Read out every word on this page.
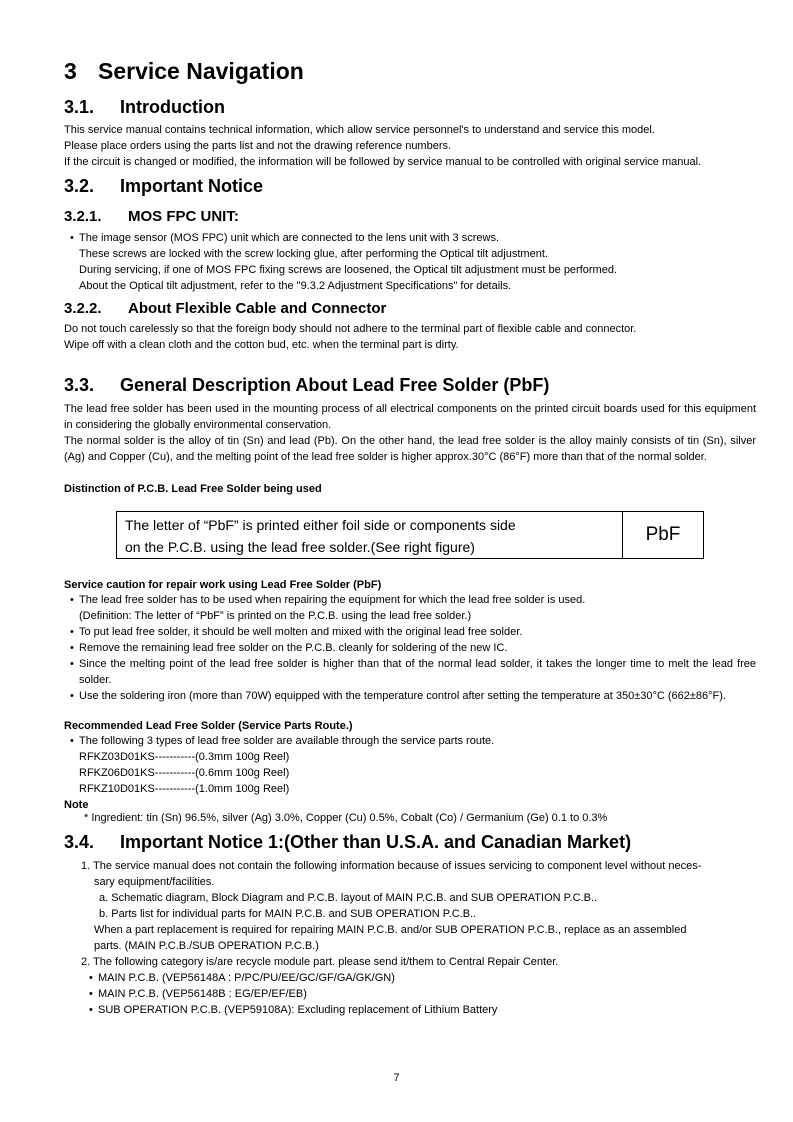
3 Service Navigation
3.1. Introduction
This service manual contains technical information, which allow service personnel's to understand and service this model.
Please place orders using the parts list and not the drawing reference numbers.
If the circuit is changed or modified, the information will be followed by service manual to be controlled with original service manual.
3.2. Important Notice
3.2.1. MOS FPC UNIT:
• The image sensor (MOS FPC) unit which are connected to the lens unit with 3 screws.
These screws are locked with the screw locking glue, after performing the Optical tilt adjustment.
During servicing, if one of MOS FPC fixing screws are loosened, the Optical tilt adjustment must be performed.
About the Optical tilt adjustment, refer to the "9.3.2 Adjustment Specifications" for details.
3.2.2. About Flexible Cable and Connector
Do not touch carelessly so that the foreign body should not adhere to the terminal part of flexible cable and connector.
Wipe off with a clean cloth and the cotton bud, etc. when the terminal part is dirty.
3.3. General Description About Lead Free Solder (PbF)
The lead free solder has been used in the mounting process of all electrical components on the printed circuit boards used for this equipment in considering the globally environmental conservation.
The normal solder is the alloy of tin (Sn) and lead (Pb). On the other hand, the lead free solder is the alloy mainly consists of tin (Sn), silver (Ag) and Copper (Cu), and the melting point of the lead free solder is higher approx.30°C (86°F) more than that of the normal solder.
Distinction of P.C.B. Lead Free Solder being used
The letter of “PbF” is printed either foil side or components side
on the P.C.B. using the lead free solder.(See right figure)
PbF
Service caution for repair work using Lead Free Solder (PbF)
• The lead free solder has to be used when repairing the equipment for which the lead free solder is used.
(Definition: The letter of “PbF” is printed on the P.C.B. using the lead free solder.)
• To put lead free solder, it should be well molten and mixed with the original lead free solder.
• Remove the remaining lead free solder on the P.C.B. cleanly for soldering of the new IC.
• Since the melting point of the lead free solder is higher than that of the normal lead solder, it takes the longer time to melt the lead free solder.
• Use the soldering iron (more than 70W) equipped with the temperature control after setting the temperature at 350±30°C (662±86°F).
Recommended Lead Free Solder (Service Parts Route.)
• The following 3 types of lead free solder are available through the service parts route.
RFKZ03D01KS-----------(0.3mm 100g Reel)
RFKZ06D01KS-----------(0.6mm 100g Reel)
RFKZ10D01KS-----------(1.0mm 100g Reel)
Note
* Ingredient: tin (Sn) 96.5%, silver (Ag) 3.0%, Copper (Cu) 0.5%, Cobalt (Co) / Germanium (Ge) 0.1 to 0.3%
3.4. Important Notice 1:(Other than U.S.A. and Canadian Market)
1. The service manual does not contain the following information because of issues servicing to component level without neces-
sary equipment/facilities.
a. Schematic diagram, Block Diagram and P.C.B. layout of MAIN P.C.B. and SUB OPERATION P.C.B..
b. Parts list for individual parts for MAIN P.C.B. and SUB OPERATION P.C.B..
When a part replacement is required for repairing MAIN P.C.B. and/or SUB OPERATION P.C.B., replace as an assembled
parts. (MAIN P.C.B./SUB OPERATION P.C.B.)
2. The following category is/are recycle module part. please send it/them to Central Repair Center.
• MAIN P.C.B. (VEP56148A : P/PC/PU/EE/GC/GF/GA/GK/GN)
• MAIN P.C.B. (VEP56148B : EG/EP/EF/EB)
• SUB OPERATION P.C.B. (VEP59108A): Excluding replacement of Lithium Battery
7
